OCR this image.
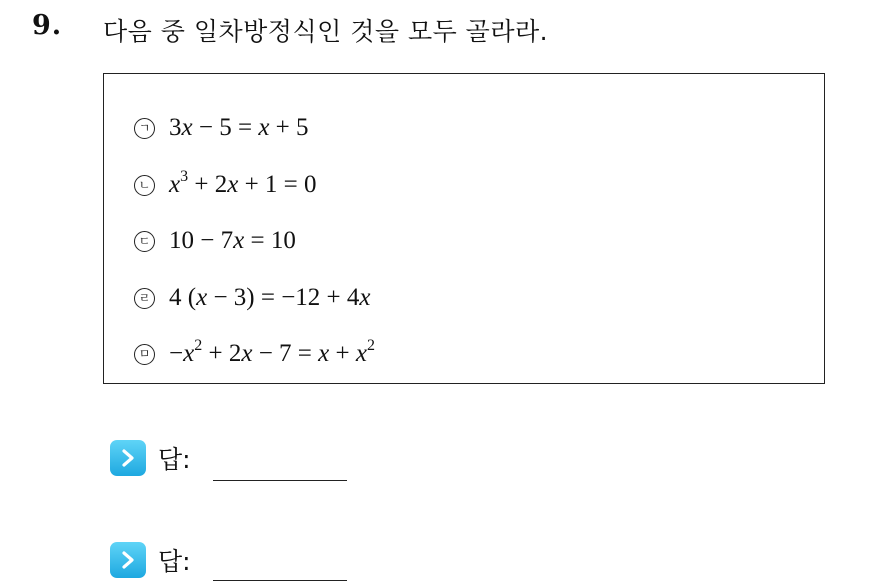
9. 다음 중 일차방정식인 것을 모두 골라라.
ㄱ 3x − 5 = x + 5
ㄴ $x^3 + 2x + 1 = 0$
ㄷ 10 − 7x = 10
ㄹ 4 (x − 3) = −12 + 4x
ㅁ $-x^2 + 2x - 7 = x + x^2$
답:
답:
